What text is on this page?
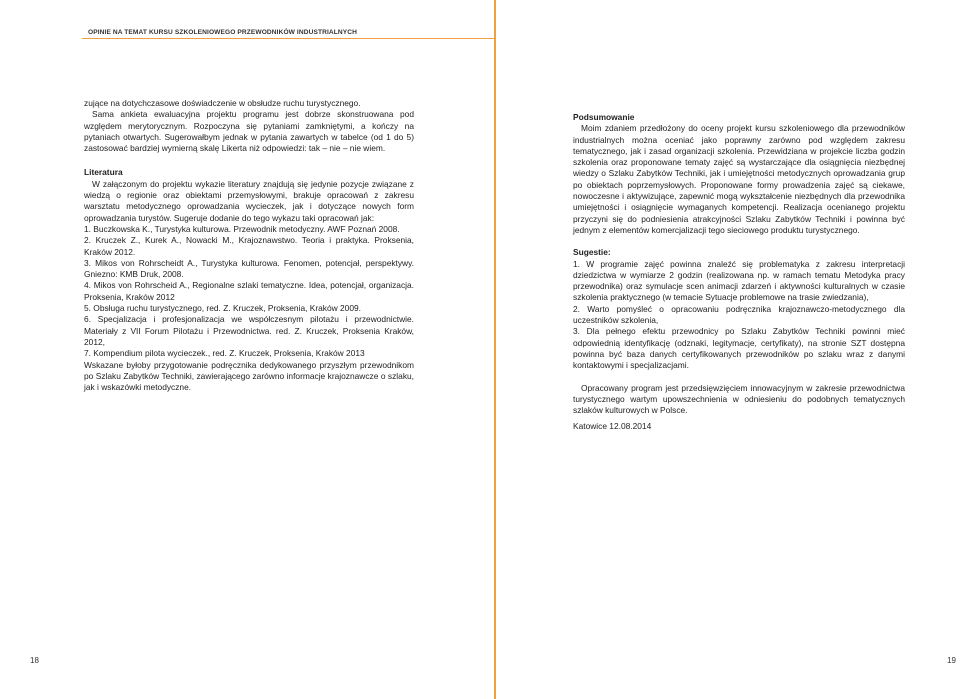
OPINIE NA TEMAT KURSU SZKOLENIOWEGO PRZEWODNIKÓW INDUSTRIALNYCH

zujące na dotychczasowe doświadczenie w obsłudze ruchu turystycznego.

Sama ankieta ewaluacyjna projektu programu jest dobrze skonstruowana pod względem merytorycznym. Rozpoczyna się pytaniami zamkniętymi, a kończy na pytaniach otwartych. Sugerowałbym jednak w pytania zawartych w tabelce (od 1 do 5) zastosować bardziej wymierną skalę Likerta niż odpowiedzi: tak – nie – nie wiem.

Literatura

W załączonym do projektu wykazie literatury znajdują się jedynie pozycje związane z wiedzą o regionie oraz obiektami przemysłowymi, brakuje opracowań z zakresu warsztatu metodycznego oprowadzania wycieczek, jak i dotyczące nowych form oprowadzania turystów. Sugeruje dodanie do tego wykazu taki opracowań jak:

1. Buczkowska K., Turystyka kulturowa. Przewodnik metodyczny. AWF Poznań 2008.

2. Kruczek Z., Kurek A., Nowacki M., Krajoznawstwo. Teoria i praktyka. Proksenia, Kraków 2012.

3. Mikos von Rohrscheidt A., Turystyka kulturowa. Fenomen, potencjał, perspektywy. Gniezno: KMB Druk, 2008.

4. Mikos von Rohrscheid A., Regionalne szlaki tematyczne. Idea, potencjał, organizacja. Proksenia, Kraków 2012

5. Obsługa ruchu turystycznego, red. Z. Kruczek, Proksenia, Kraków 2009.

6. Specjalizacja i profesjonalizacja we współczesnym pilotażu i przewodnictwie. Materiały z VII Forum Pilotażu i Przewodnictwa. red. Z. Kruczek, Proksenia Kraków, 2012,

7. Kompendium pilota wycieczek., red. Z. Kruczek, Proksenia, Kraków 2013

Wskazane byłoby przygotowanie podręcznika dedykowanego przyszłym przewodnikom po Szlaku Zabytków Techniki, zawierającego zarówno informacje krajoznawcze o szlaku, jak i wskazówki metodyczne.

18

Podsumowanie

Moim zdaniem przedłożony do oceny projekt kursu szkoleniowego dla przewodników industrialnych można oceniać jako poprawny zarówno pod względem zakresu tematycznego, jak i zasad organizacji szkolenia. Przewidziana w projekcie liczba godzin szkolenia oraz proponowane tematy zajęć są wystarczające dla osiągnięcia niezbędnej wiedzy o Szlaku Zabytków Techniki, jak i umiejętności metodycznych oprowadzania grup po obiektach poprzemysłowych. Proponowane formy prowadzenia zajęć są ciekawe, nowoczesne i aktywizujące, zapewnić mogą wykształcenie niezbędnych dla przewodnika umiejętności i osiągnięcie wymaganych kompetencji. Realizacja ocenianego projektu przyczyni się do podniesienia atrakcyjności Szlaku Zabytków Techniki i powinna być jednym z elementów komercjalizacji tego sieciowego produktu turystycznego.

Sugestie:

1. W programie zajęć powinna znaleźć się problematyka z zakresu interpretacji dziedzictwa w wymiarze 2 godzin (realizowana np. w ramach tematu Metodyka pracy przewodnika) oraz symulacje scen animacji zdarzeń i aktywności kulturalnych w czasie szkolenia praktycznego (w temacie Sytuacje problemowe na trasie zwiedzania),

2. Warto pomyśleć o opracowaniu podręcznika krajoznawczo-metodycznego dla uczestników szkolenia,

3. Dla pełnego efektu przewodnicy po Szlaku Zabytków Techniki powinni mieć odpowiednią identyfikację (odznaki, legitymacje, certyfikaty), na stronie SZT dostępna powinna być baza danych certyfikowanych przewodników po szlaku wraz z danymi kontaktowymi i specjalizacjami.

Opracowany program jest przedsięwzięciem innowacyjnym w zakresie przewodnictwa turystycznego wartym upowszechnienia w odniesieniu do podobnych tematycznych szlaków kulturowych w Polsce.

Katowice 12.08.2014

19
